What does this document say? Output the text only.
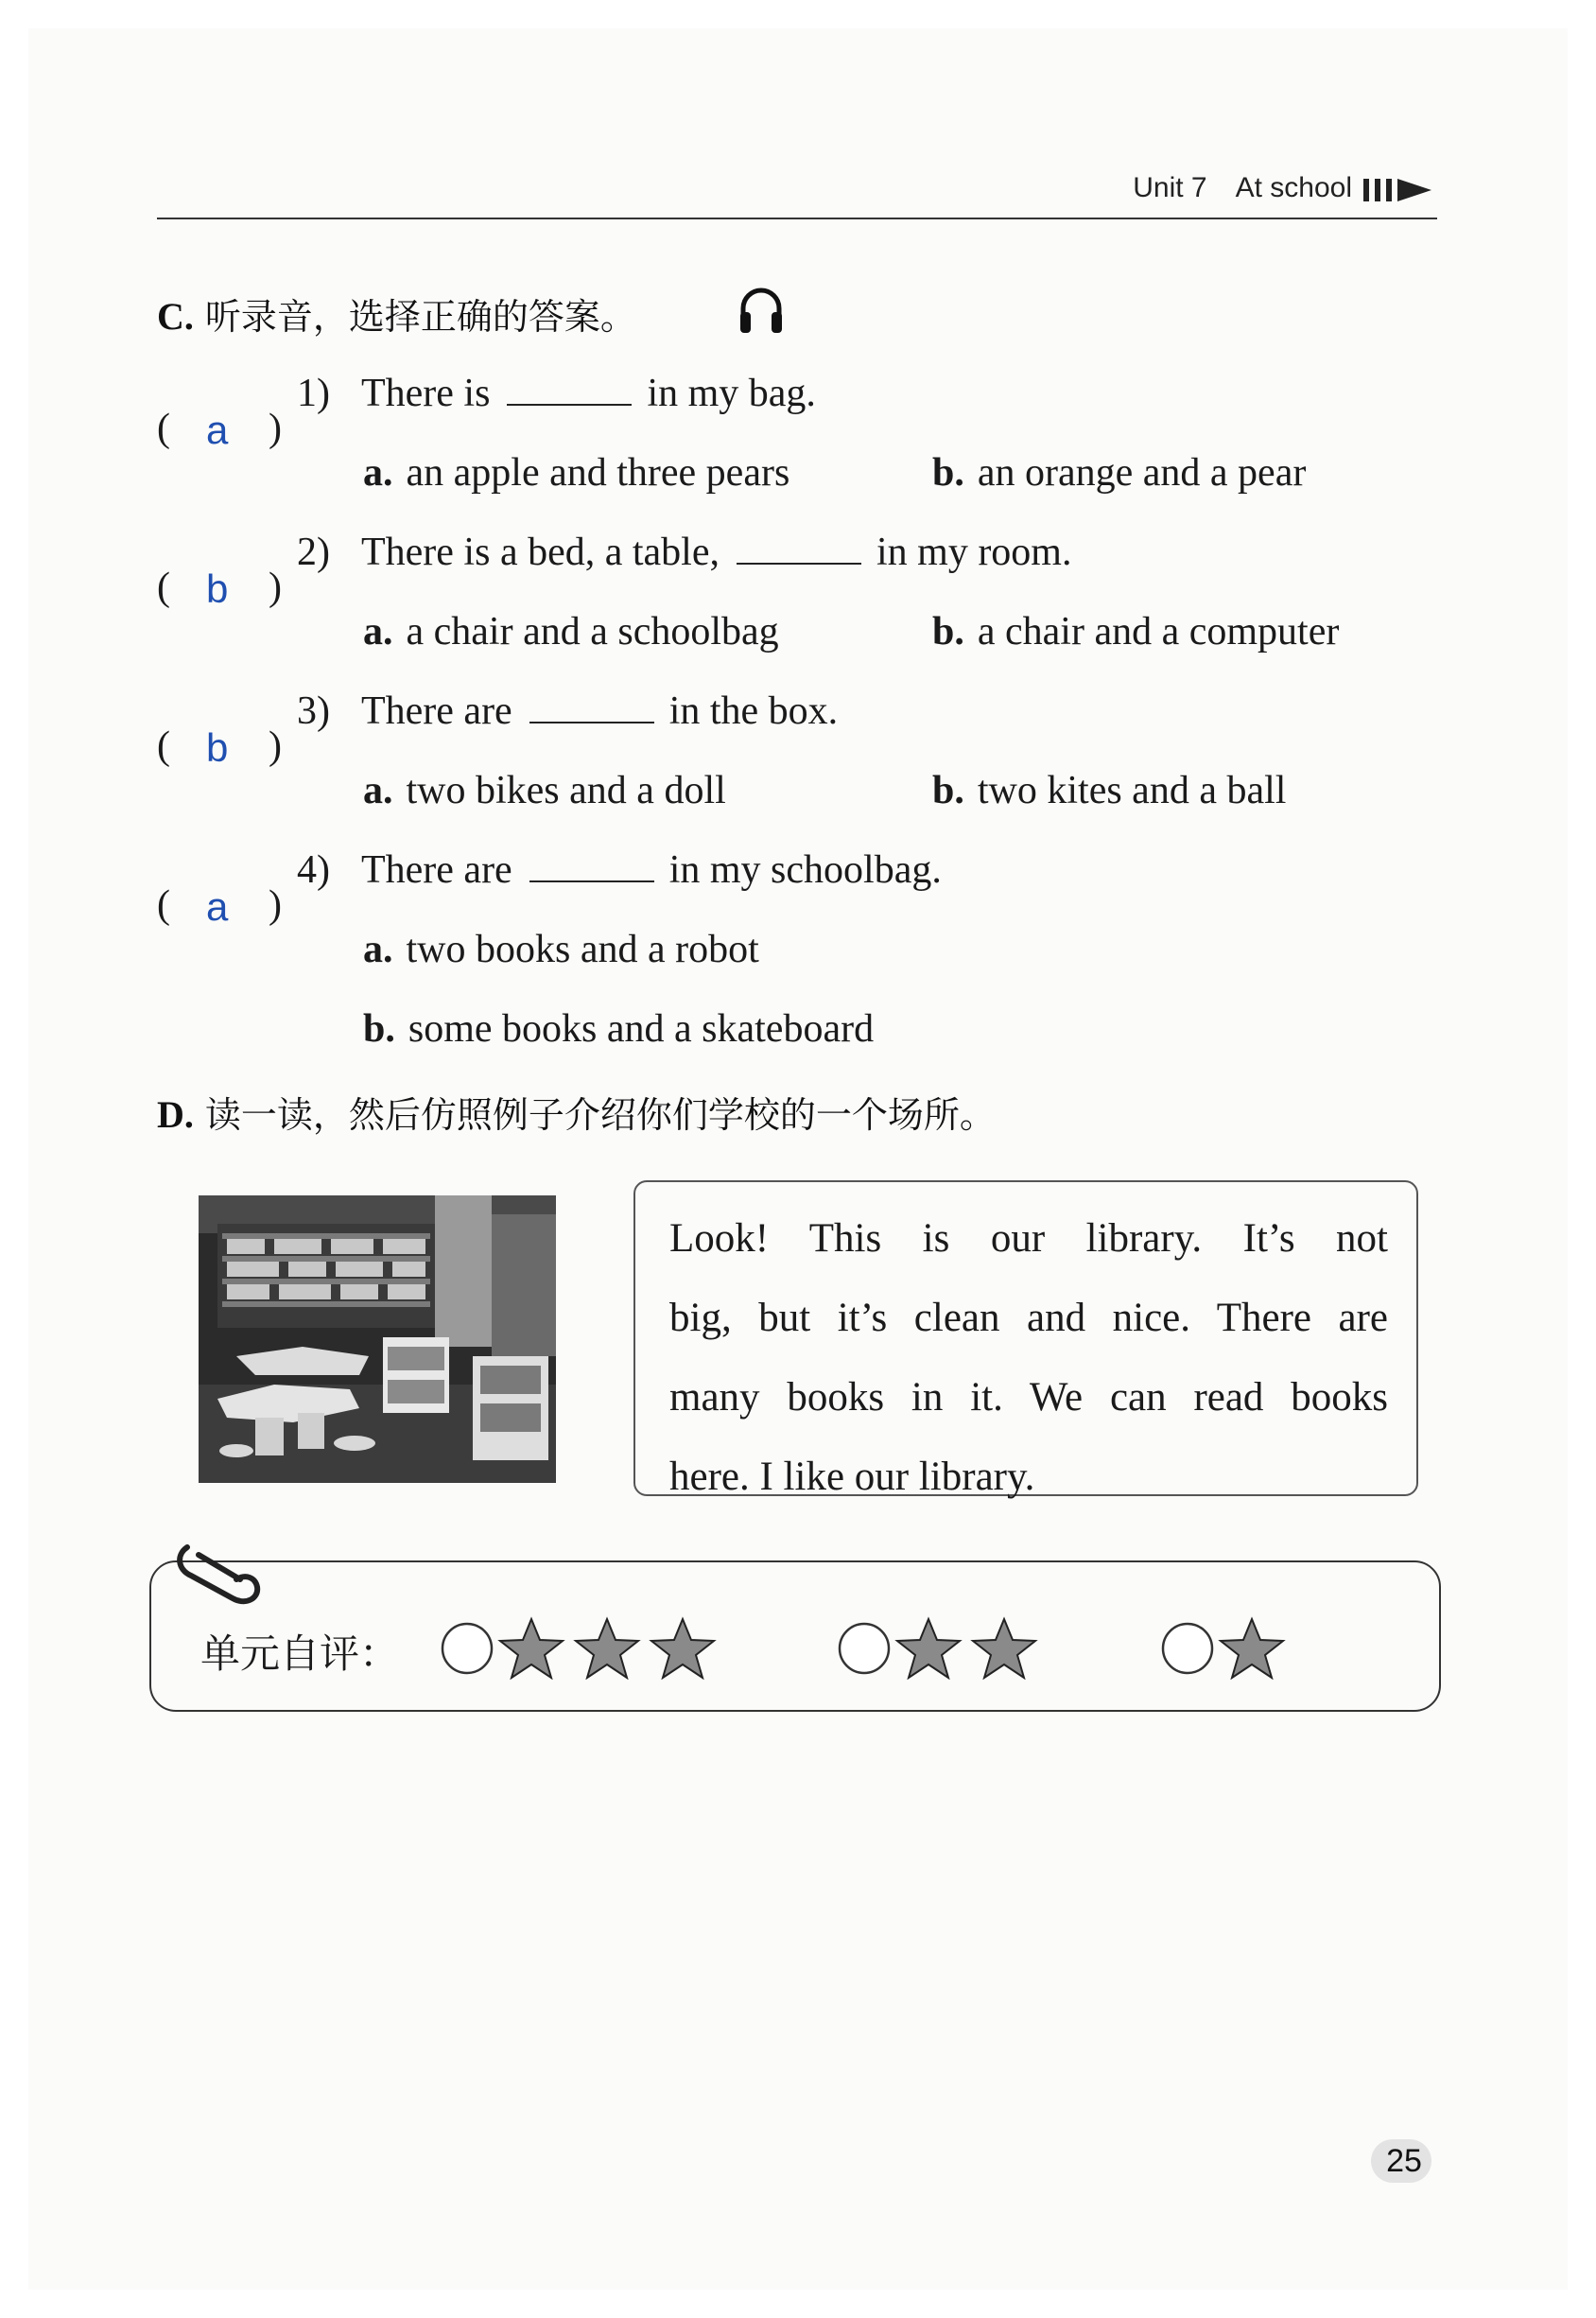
Unit 7 At school
C. 听录音，选择正确的答案。
( a )
1) There is	in my bag.
a. an apple and three pears	b. an orange and a pear
( b )
2) There is a bed, a table,	in my room.
a. a chair and a schoolbag	b. a chair and a computer
( b )
3) There are	in the box.
a. two bikes and a doll	b. two kites and a ball
( a )
4) There are	in my schoolbag.
a. two books and a robot
b. some books and a skateboard
D. 读一读，然后仿照例子介绍你们学校的一个场所。
Look! This is our library. It’s not
big, but it’s clean and nice. There are
many books in it. We can read books
here. I like our library.
单元自评：
25
